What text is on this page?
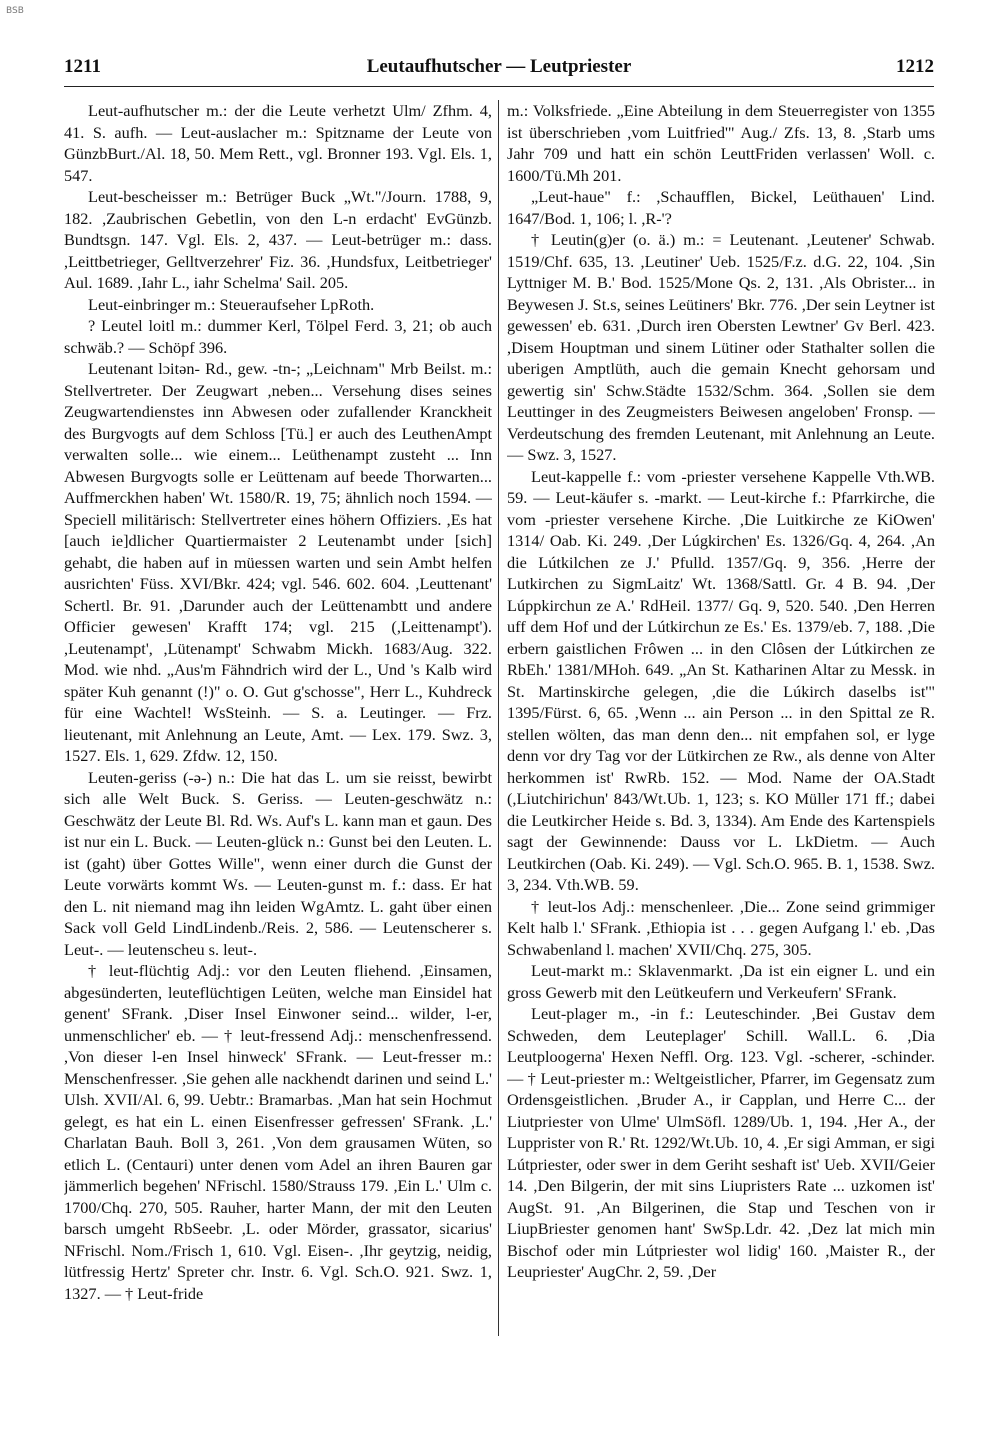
BSB
1211	Leutaufhutscher — Leutpriester	1212

Leut-aufhutscher m.: der die Leute verhetzt Ulm/ Zfhm. 4, 41. S. aufh. — Leut-auslacher m.: Spitzname der Leute von GünzbBurt./Al. 18, 50. Mem Rett., vgl. Bronner 193. Vgl. Els. 1, 547.

Leut-bescheisser m.: Betrüger Buck „Wt."/Journ. 1788, 9, 182. ,Zaubrischen Gebetlin, von den L-n erdacht' EvGünzb. Bundtsgn. 147. Vgl. Els. 2, 437. — Leut-betrüger m.: dass. ,Leittbetrieger, Gelltverzehrer' Fiz. 36. ,Hundsfux, Leitbetrieger' Aul. 1689. ,Iahr L., iahr Schelma' Sail. 205.

Leut-einbringer m.: Steueraufseher LpRoth.

? Leutel loitl m.: dummer Kerl, Tölpel Ferd. 3, 21; ob auch schwäb.? — Schöpf 396.

Leutenant lɔitən- Rd., gew. -tn-; „Leichnam" Mrb Beilst. m.: Stellvertreter. Der Zeugwart ,neben... Versehung dises seines Zeugwartendienstes inn Abwesen oder zufallender Kranckheit des Burgvogts auf dem Schloss [Tü.] er auch des LeuthenAmpt verwalten solle... wie einem... Leüthenampt zusteht ... Inn Abwesen Burgvogts solle er Leüttenam auf beede Thorwarten... Auffmerckhen haben' Wt. 1580/R. 19, 75; ähnlich noch 1594. — Speciell militärisch: Stellvertreter eines höhern Offiziers. ,Es hat [auch ie]dlicher Quartiermaister 2 Leutenambt under [sich] gehabt, die haben auf in müessen warten und sein Ambt helfen ausrichten' Füss. XVI/Bkr. 424; vgl. 546. 602. 604. ,Leuttenant' Schertl. Br. 91. ,Darunder auch der Leüttenambtt und andere Officier gewesen' Krafft 174; vgl. 215 (,Leittenampt'). ,Leutenampt', ,Lütenampt' Schwabm Mickh. 1683/Aug. 322. Mod. wie nhd. „Aus'm Fähndrich wird der L., Und 's Kalb wird später Kuh genannt (!)" o. O. Gut g'schosse", Herr L., Kuhdreck für eine Wachtel! WsSteinh. — S. a. Leutinger. — Frz. lieutenant, mit Anlehnung an Leute, Amt. — Lex. 179. Swz. 3, 1527. Els. 1, 629. Zfdw. 12, 150.

Leuten-geriss (-ə-) n.: Die hat das L. um sie reisst, bewirbt sich alle Welt Buck. S. Geriss. — Leuten-geschwätz n.: Geschwätz der Leute Bl. Rd. Ws. Auf's L. kann man et gaun. Des ist nur ein L. Buck. — Leuten-glück n.: Gunst bei den Leuten. L. ist (gaht) über Gottes Wille", wenn einer durch die Gunst der Leute vorwärts kommt Ws. — Leuten-gunst m. f.: dass. Er hat den L. nit niemand mag ihn leiden WgAmtz. L. gaht über einen Sack voll Geld LindLindenb./Reis. 2, 586. — Leutenscherer s. Leut-. — leutenscheu s. leut-.

† leut-flüchtig Adj.: vor den Leuten fliehend. ,Einsamen, abgesünderten, leuteflüchtigen Leüten, welche man Einsidel hat genent' SFrank. ,Diser Insel Einwoner seind... wilder, l-er, unmenschlicher' eb. — † leut-fressend Adj.: menschenfressend. ,Von dieser l-en Insel hinweck' SFrank. — Leut-fresser m.: Menschenfresser. ,Sie gehen alle nackhendt darinen und seind L.' Ulsh. XVII/Al. 6, 99. Uebtr.: Bramarbas. ,Man hat sein Hochmut gelegt, es hat ein L. einen Eisenfresser gefressen' SFrank. ,L.' Charlatan Bauh. Boll 3, 261. ,Von dem grausamen Wüten, so etlich L. (Centauri) unter denen vom Adel an ihren Bauren gar jämmerlich begehen' NFrischl. 1580/Strauss 179. ,Ein L.' Ulm c. 1700/Chq. 270, 505. Rauher, harter Mann, der mit den Leuten barsch umgeht RbSeebr. ,L. oder Mörder, grassator, sicarius' NFrischl. Nom./Frisch 1, 610. Vgl. Eisen-. ,Ihr geytzig, neidig, lütfressig Hertz' Spreter chr. Instr. 6. Vgl. Sch.O. 921. Swz. 1, 1327. — † Leut-fride

m.: Volksfriede. „Eine Abteilung in dem Steuerregister von 1355 ist überschrieben ,vom Luitfried'" Aug./ Zfs. 13, 8. ,Starb ums Jahr 709 und hatt ein schön LeuttFriden verlassen' Woll. c. 1600/Tü.Mh 201.

„Leut-haue" f.: ,Schaufflen, Bickel, Leüthauen' Lind. 1647/Bod. 1, 106; l. ,R-'?

† Leutin(g)er (o. ä.) m.: = Leutenant. ,Leutener' Schwab. 1519/Chf. 635, 13. ,Leutiner' Ueb. 1525/F.z. d.G. 22, 104. ,Sin Lyttniger M. B.' Bod. 1525/Mone Qs. 2, 131. ,Als Obrister... in Beywesen J. St.s, seines Leütiners' Bkr. 776. ,Der sein Leytner ist gewessen' eb. 631. ,Durch iren Obersten Lewtner' Gv Berl. 423. ,Disem Houptman und sinem Lütiner oder Stathalter sollen die uberigen Amptlüth, auch die gemain Knecht gehorsam und gewertig sin' Schw.Städte 1532/Schm. 364. ,Sollen sie dem Leuttinger in des Zeugmeisters Beiwesen angeloben' Fronsp. — Verdeutschung des fremden Leutenant, mit Anlehnung an Leute. — Swz. 3, 1527.

Leut-kappelle f.: vom -priester versehene Kappelle Vth.WB. 59. — Leut-käufer s. -markt. — Leut-kirche f.: Pfarrkirche, die vom -priester versehene Kirche. ,Die Luitkirche ze KiOwen' 1314/ Oab. Ki. 249. ,Der Lúgkirchen' Es. 1326/Gq. 4, 264. ,An die Lútkilchen ze J.' Pfulld. 1357/Gq. 9, 356. ,Herre der Lutkirchen zu SigmLaitz' Wt. 1368/Sattl. Gr. 4 B. 94. ,Der Lúppkirchun ze A.' RdHeil. 1377/ Gq. 9, 520. 540. ,Den Herren uff dem Hof und der Lútkirchun ze Es.' Es. 1379/eb. 7, 188. ,Die erbern gaistlichen Frôwen ... in den Clôsen der Lútkirchen ze RbEh.' 1381/MHoh. 649. „An St. Katharinen Altar zu Messk. in St. Martinskirche gelegen, ,die die Lúkirch daselbs ist'" 1395/Fürst. 6, 65. ,Wenn ... ain Person ... in den Spittal ze R. stellen wölten, das man denn den... nit empfahen sol, er lyge denn vor dry Tag vor der Lütkirchen ze Rw., als denne von Alter herkommen ist' RwRb. 152. — Mod. Name der OA.Stadt (,Liutchirichun' 843/Wt.Ub. 1, 123; s. KO Müller 171 ff.; dabei die Leutkircher Heide s. Bd. 3, 1334). Am Ende des Kartenspiels sagt der Gewinnende: Dauss vor L. LkDietm. — Auch Leutkirchen (Oab. Ki. 249). — Vgl. Sch.O. 965. B. 1, 1538. Swz. 3, 234. Vth.WB. 59.

† leut-los Adj.: menschenleer. ,Die... Zone seind grimmiger Kelt halb l.' SFrank. ,Ethiopia ist . . . gegen Aufgang l.' eb. ,Das Schwabenland l. machen' XVII/Chq. 275, 305.

Leut-markt m.: Sklavenmarkt. ,Da ist ein eigner L. und ein gross Gewerb mit den Leütkeufern und Verkeufern' SFrank.

Leut-plager m., -in f.: Leuteschinder. ,Bei Gustav dem Schweden, dem Leuteplager' Schill. Wall.L. 6. ,Dia Leutploogerna' Hexen Neffl. Org. 123. Vgl. -scherer, -schinder. — † Leut-priester m.: Weltgeistlicher, Pfarrer, im Gegensatz zum Ordensgeistlichen. ,Bruder A., ir Capplan, und Herre C... der Liutpriester von Ulme' UlmSöfl. 1289/Ub. 1, 194. ,Her A., der Lupprister von R.' Rt. 1292/Wt.Ub. 10, 4. ,Er sigi Amman, er sigi Lútpriester, oder swer in dem Geriht seshaft ist' Ueb. XVII/Geier 14. ,Den Bilgerin, der mit sins Liupristers Rate ... uzkomen ist' AugSt. 91. ,An Bilgerinen, die Stap und Teschen von ir LiupBriester genomen hant' SwSp.Ldr. 42. ,Dez lat mich min Bischof oder min Lútpriester wol lidig' 160. ,Maister R., der Leupriester' AugChr. 2, 59. ,Der
